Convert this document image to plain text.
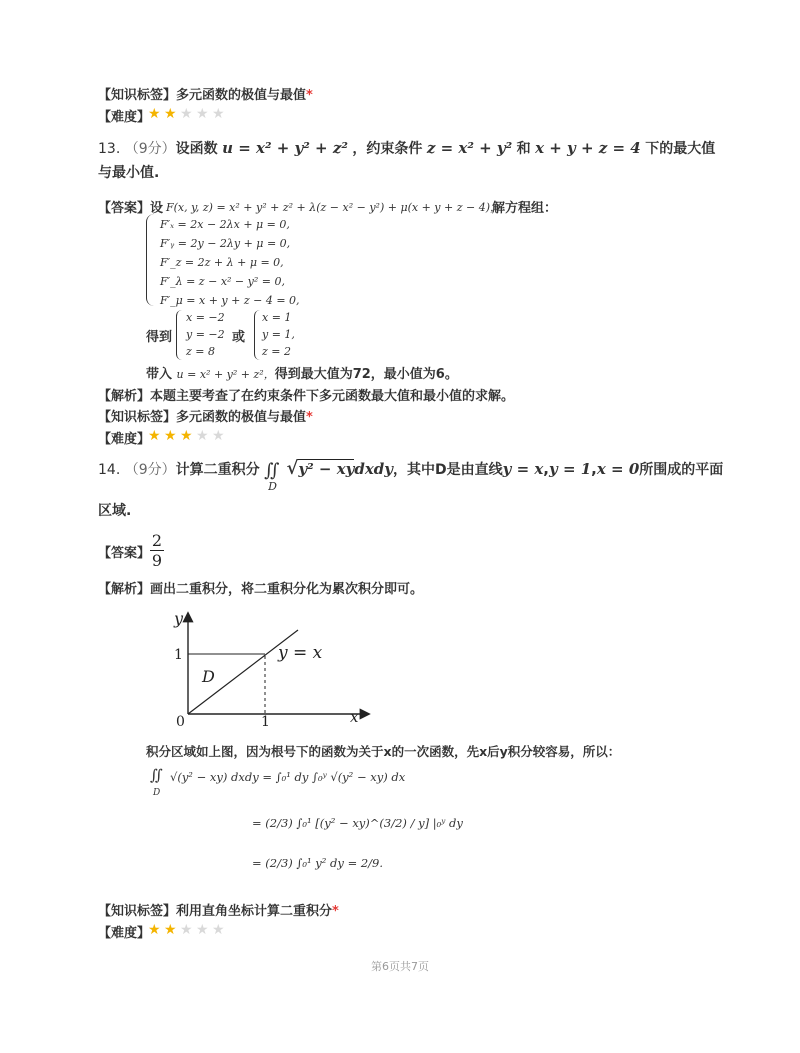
【知识标签】多元函数的极值与最值*
【难度】
★ ★ ★ ★ ★
13. （9分）设函数 u = x² + y² + z² ，约束条件 z = x² + y² 和 x + y + z = 4 下的最大值
与最小值.
【答案】设 F(x, y, z) = x² + y² + z² + λ(z − x² − y²) + μ(x + y + z − 4)，
解方程组：
F′ₓ = 2x − 2λx + μ = 0,
F′ᵧ = 2y − 2λy + μ = 0,
F′_z = 2z + λ + μ = 0,
F′_λ = z − x² − y² = 0,
F′_μ = x + y + z − 4 = 0,
得到
x = −2
y = −2
z = 8
或
x = 1
y = 1,
z = 2
带入 u = x² + y² + z²，得到最大值为72，最小值为6。
【解析】本题主要考查了在约束条件下多元函数最大值和最小值的求解。
【知识标签】多元函数的极值与最值*
【难度】
★ ★ ★ ★ ★
14. （9分）计算二重积分 ∬
D
√y² − xydxdy，其中D是由直线y = x,y = 1,x = 0所围成的平面
区域.
【答案】 $\frac{2}{9}$
【解析】画出二重积分，将二重积分化为累次积分即可。
y
x
0
1
1
D
y = x
积分区域如上图，因为根号下的函数为关于x的一次函数，先x后y积分较容易，所以：
∬
D
√(y² − xy) dxdy = ∫₀¹ dy ∫₀ʸ √(y² − xy) dx
= (2/3) ∫₀¹ [(y² − xy)^(3/2) / y] |₀ʸ dy
= (2/3) ∫₀¹ y² dy = 2/9.
【知识标签】利用直角坐标计算二重积分*
【难度】
★ ★ ★ ★ ★
第6页共7页
